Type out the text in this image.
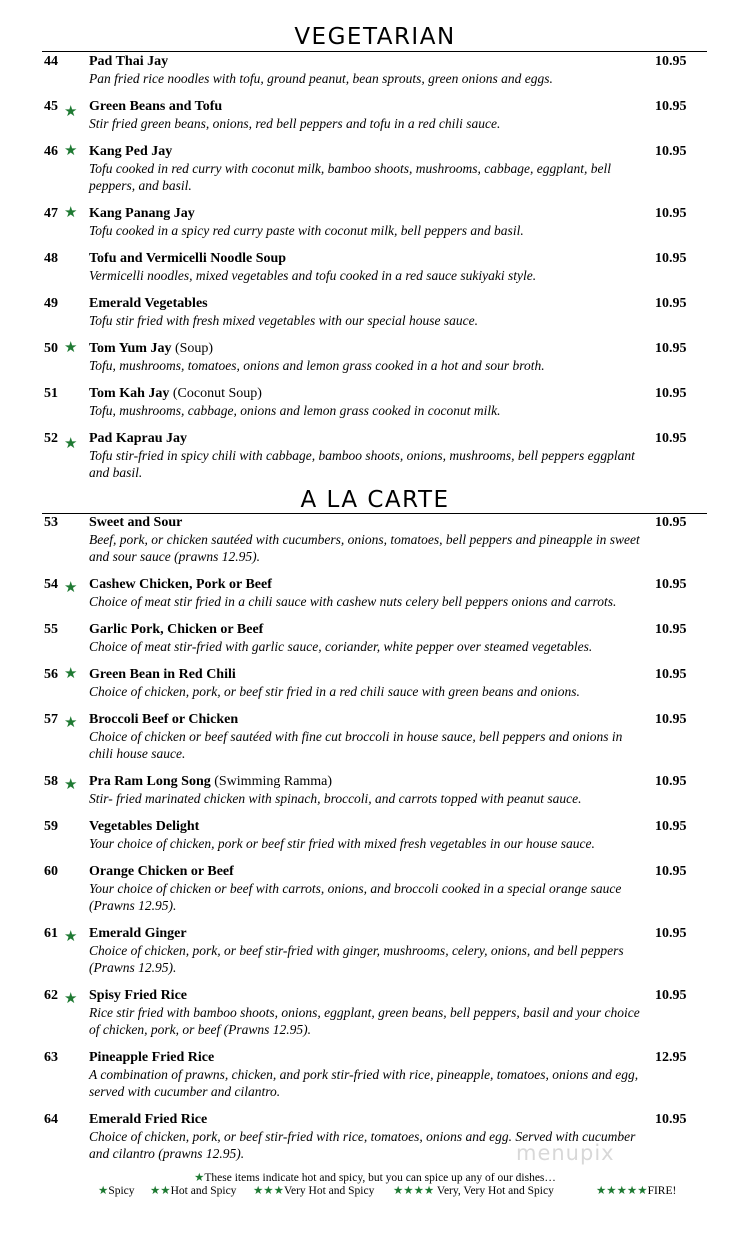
VEGETARIAN
44 Pad Thai Jay	10.95
Pan fried rice noodles with tofu, ground peanut, bean sprouts, green onions and eggs.
45 ★ Green Beans and Tofu	10.95
Stir fried green beans, onions, red bell peppers and tofu in a red chili sauce.
46 ★ Kang Ped Jay	10.95
Tofu cooked in red curry with coconut milk, bamboo shoots, mushrooms, cabbage, eggplant, bell peppers, and basil.
47 ★ Kang Panang Jay	10.95
Tofu cooked in a spicy red curry paste with coconut milk, bell peppers and basil.
48 Tofu and Vermicelli Noodle Soup	10.95
Vermicelli noodles, mixed vegetables and tofu cooked in a red sauce sukiyaki style.
49 Emerald Vegetables	10.95
Tofu stir fried with fresh mixed vegetables with our special house sauce.
50 ★ Tom Yum Jay (Soup)	10.95
Tofu, mushrooms, tomatoes, onions and lemon grass cooked in a hot and sour broth.
51 Tom Kah Jay (Coconut Soup)	10.95
Tofu, mushrooms, cabbage, onions and lemon grass cooked in coconut milk.
52 ★ Pad Kaprau Jay	10.95
Tofu stir-fried in spicy chili with cabbage, bamboo shoots, onions, mushrooms, bell peppers eggplant and basil.
A LA CARTE
53 Sweet and Sour	10.95
Beef, pork, or chicken sautéed with cucumbers, onions, tomatoes, bell peppers and pineapple in sweet and sour sauce (prawns 12.95).
54 ★ Cashew Chicken, Pork or Beef	10.95
Choice of meat stir fried in a chili sauce with cashew nuts celery bell peppers onions and carrots.
55 Garlic Pork, Chicken or Beef	10.95
Choice of meat stir-fried with garlic sauce, coriander, white pepper over steamed vegetables.
56 ★ Green Bean in Red Chili	10.95
Choice of chicken, pork, or beef stir fried in a red chili sauce with green beans and onions.
57 ★ Broccoli Beef or Chicken	10.95
Choice of chicken or beef sautéed with fine cut broccoli in house sauce, bell peppers and onions in chili house sauce.
58 ★ Pra Ram Long Song (Swimming Ramma)	10.95
Stir- fried marinated chicken with spinach, broccoli, and carrots topped with peanut sauce.
59 Vegetables Delight	10.95
Your choice of chicken, pork or beef stir fried with mixed fresh vegetables in our house sauce.
60 Orange Chicken or Beef	10.95
Your choice of chicken or beef with carrots, onions, and broccoli cooked in a special orange sauce (Prawns 12.95).
61 ★ Emerald Ginger	10.95
Choice of chicken, pork, or beef stir-fried with ginger, mushrooms, celery, onions, and bell peppers (Prawns 12.95).
62 ★ Spisy Fried Rice	10.95
Rice stir fried with bamboo shoots, onions, eggplant, green beans, bell peppers, basil and your choice of chicken, pork, or beef (Prawns 12.95).
63 Pineapple Fried Rice	12.95
A combination of prawns, chicken, and pork stir-fried with rice, pineapple, tomatoes, onions and egg, served with cucumber and cilantro.
64 Emerald Fried Rice	10.95
Choice of chicken, pork, or beef stir-fried with rice, tomatoes, onions and egg. Served with cucumber and cilantro (prawns 12.95).
★These items indicate hot and spicy, but you can spice up any of our dishes…
★Spicy ★★Hot and Spicy ★★★Very Hot and Spicy ★★★★ Very, Very Hot and Spicy	★★★★★FIRE!
menupix
